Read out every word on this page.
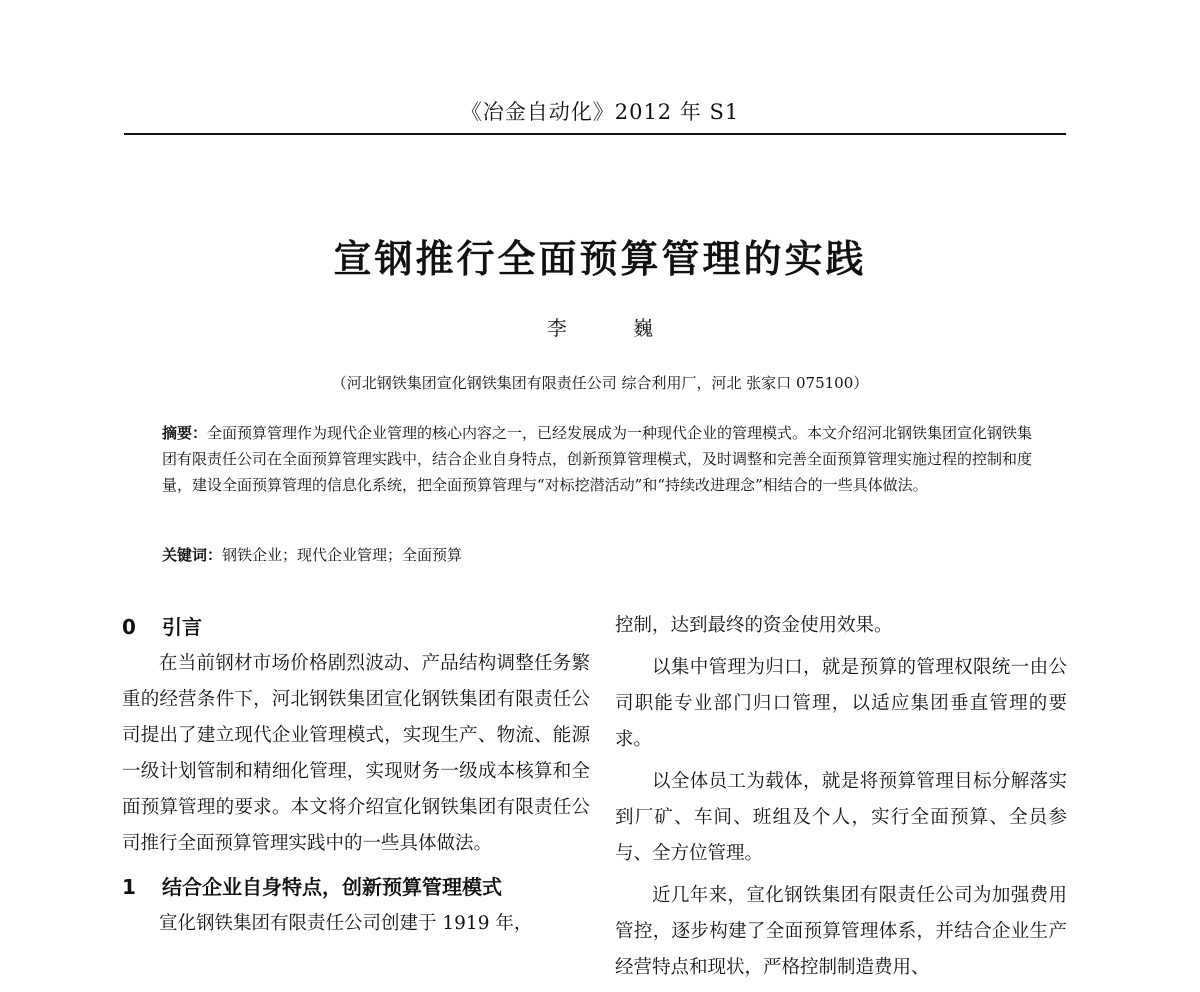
《冶金自动化》2012 年 S1
宣钢推行全面预算管理的实践
李 巍
（河北钢铁集团宣化钢铁集团有限责任公司 综合利用厂，河北 张家口 075100）
摘要：全面预算管理作为现代企业管理的核心内容之一，已经发展成为一种现代企业的管理模式。本文介绍河北钢铁集团宣化钢铁集团有限责任公司在全面预算管理实践中，结合企业自身特点，创新预算管理模式，及时调整和完善全面预算管理实施过程的控制和度量，建设全面预算管理的信息化系统，把全面预算管理与“对标挖潜活动”和“持续改进理念”相结合的一些具体做法。
关键词：钢铁企业；现代企业管理；全面预算
0 引言

在当前钢材市场价格剧烈波动、产品结构调整任务繁重的经营条件下，河北钢铁集团宣化钢铁集团有限责任公司提出了建立现代企业管理模式，实现生产、物流、能源一级计划管制和精细化管理，实现财务一级成本核算和全面预算管理的要求。本文将介绍宣化钢铁集团有限责任公司推行全面预算管理实践中的一些具体做法。

1 结合企业自身特点，创新预算管理模式

宣化钢铁集团有限责任公司创建于 1919 年，

控制，达到最终的资金使用效果。

以集中管理为归口，就是预算的管理权限统一由公司职能专业部门归口管理，以适应集团垂直管理的要求。

以全体员工为载体，就是将预算管理目标分解落实到厂矿、车间、班组及个人，实行全面预算、全员参与、全方位管理。

近几年来，宣化钢铁集团有限责任公司为加强费用管控，逐步构建了全面预算管理体系，并结合企业生产经营特点和现状，严格控制制造费用、
